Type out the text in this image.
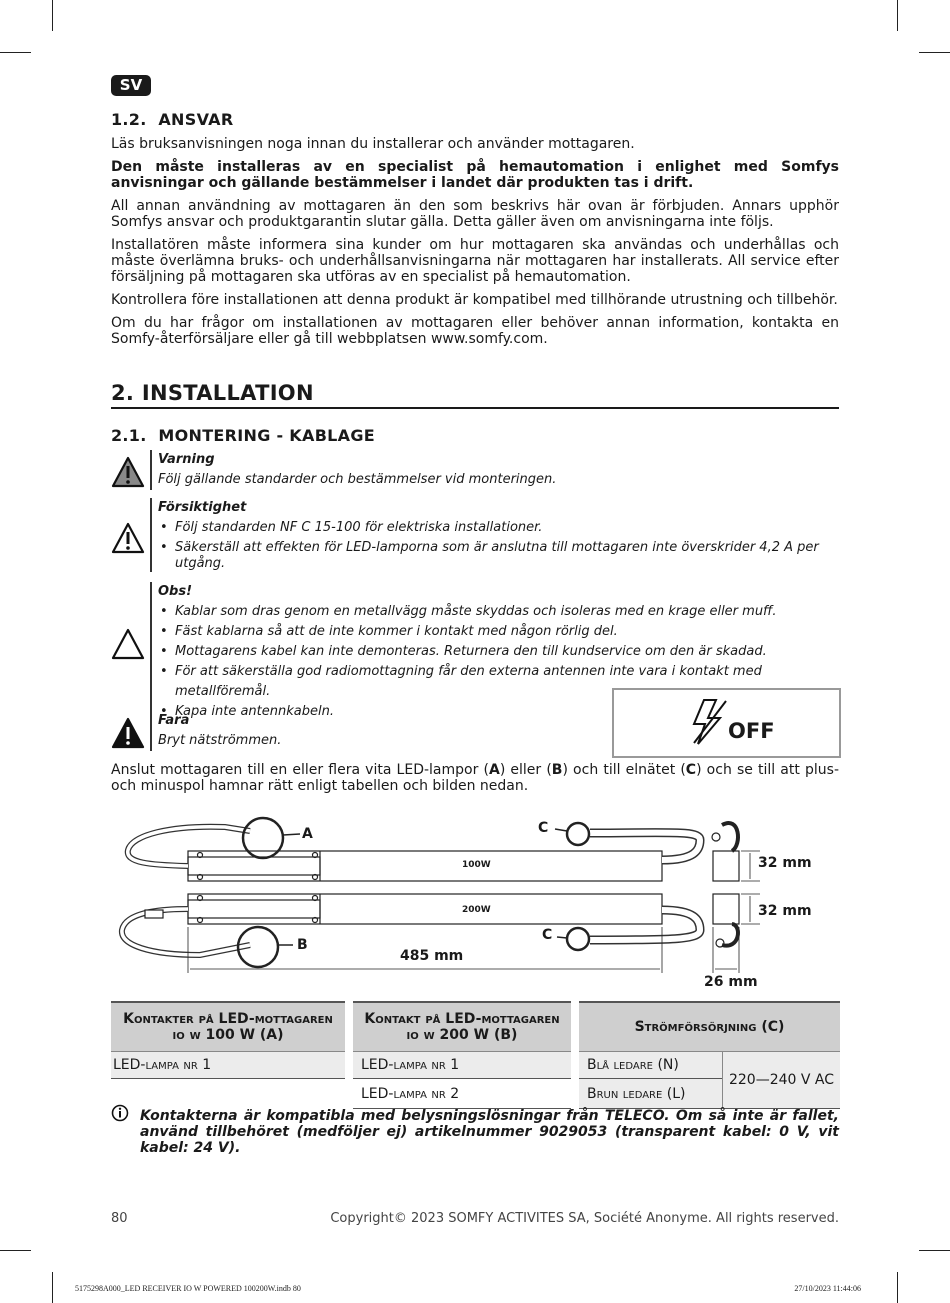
SV
1.2. ANSVAR

Läs bruksanvisningen noga innan du installerar och använder mottagaren.

Den måste installeras av en specialist på hemautomation i enlighet med Somfys anvisningar och gällande bestämmelser i landet där produkten tas i drift.

All annan användning av mottagaren än den som beskrivs här ovan är förbjuden. Annars upphör Somfys ansvar och produktgarantin slutar gälla. Detta gäller även om anvisningarna inte följs.

Installatören måste informera sina kunder om hur mottagaren ska användas och underhållas och måste överlämna bruks- och underhållsanvisningarna när mottagaren har installerats. All service efter försäljning på mottagaren ska utföras av en specialist på hemautomation.

Kontrollera före installationen att denna produkt är kompatibel med tillhörande utrustning och tillbehör.

Om du har frågor om installationen av mottagaren eller behöver annan information, kontakta en Somfy-återförsäljare eller gå till webbplatsen www.somfy.com.

2. INSTALLATION
2.1. MONTERING - KABLAGE
Varning
Följ gällande standarder och bestämmelser vid monteringen.
Försiktighet
• Följ standarden NF C 15-100 för elektriska installationer.
• Säkerställ att effekten för LED-lamporna som är anslutna till mottagaren inte överskrider 4,2 A per utgång.
Obs!
• Kablar som dras genom en metallvägg måste skyddas och isoleras med en krage eller muff.
• Fäst kablarna så att de inte kommer i kontakt med någon rörlig del.
• Mottagarens kabel kan inte demonteras. Returnera den till kundservice om den är skadad.
• För att säkerställa god radiomottagning får den externa antennen inte vara i kontakt med metallföremål.
• Kapa inte antennkabeln.
Fara
Bryt nätströmmen.	OFF

Anslut mottagaren till en eller flera vita LED-lampor (A) eller (B) och till elnätet (C) och se till att plus- och minuspol hamnar rätt enligt tabellen och bilden nedan.

100W
200W
A
B
C
C
485 mm
32 mm
32 mm
26 mm
Kontakter på LED-mottagaren io w 100 W (A)		Kontakt på LED-mottagaren io w 200 W (B)		Strömförsörjning (C)	
LED-lampa nr 1		LED-lampa nr 1		Blå ledare (N)	220—240 V AC
		LED-lampa nr 2		Brun ledare (L)	

Kontakterna är kompatibla med belysningslösningar från TELECO. Om så inte är fallet, använd tillbehöret (medföljer ej) artikelnummer 9029053 (transparent kabel: 0 V, vit kabel: 24 V).

80	Copyright© 2023 SOMFY ACTIVITES SA, Société Anonyme. All rights reserved.
5175298A000_LED RECEIVER IO W POWERED 100200W.indb 80	27/10/2023 11:44:06
